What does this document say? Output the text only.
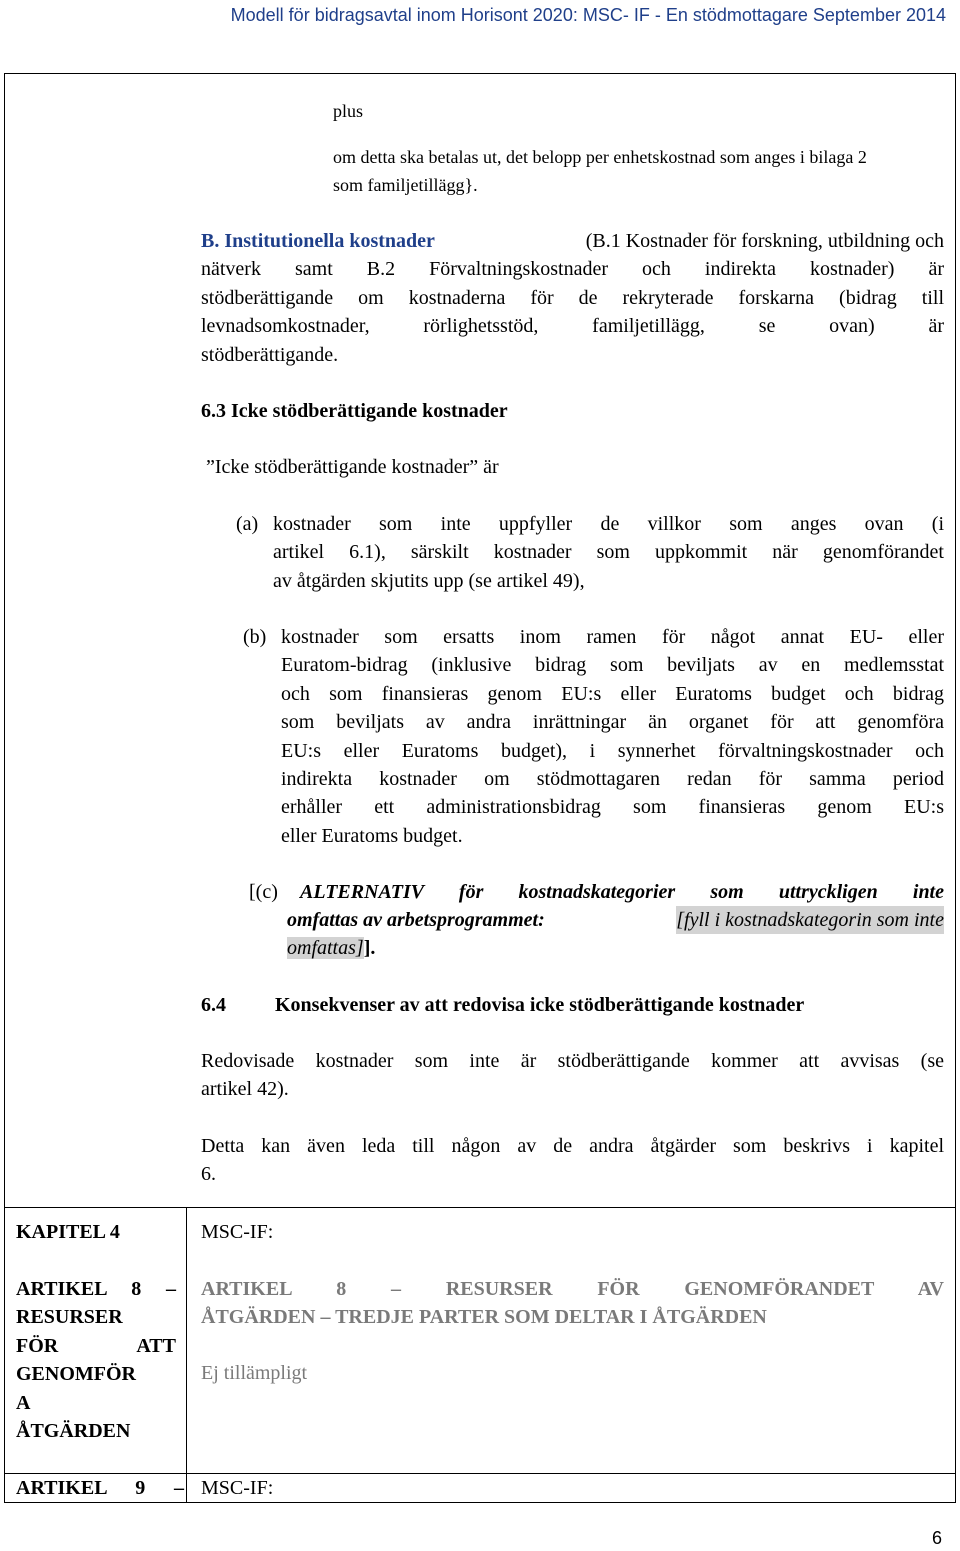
Modell för bidragsavtal inom Horisont 2020: MSC- IF - En stödmottagare September 2014
plus
om detta ska betalas ut, det belopp per enhetskostnad som anges i bilaga 2
som familjetillägg}.
B. Institutionella kostnader	(B.1 Kostnader för forskning, utbildning och
nätverk samt B.2 Förvaltningskostnader och indirekta kostnader) är
stödberättigande om kostnaderna för de rekryterade forskarna (bidrag till
levnadsomkostnader, rörlighetsstöd, familjetillägg, se ovan) är
stödberättigande.
6.3 Icke stödberättigande kostnader
”Icke stödberättigande kostnader” är
(a) kostnader som inte uppfyller de villkor som anges ovan (i
artikel 6.1), särskilt kostnader som uppkommit när genomförandet
av åtgärden skjutits upp (se artikel 49),
(b) kostnader som ersatts inom ramen för något annat EU- eller
Euratom-bidrag (inklusive bidrag som beviljats av en medlemsstat
och som finansieras genom EU:s eller Euratoms budget och bidrag
som beviljats av andra inrättningar än organet för att genomföra
EU:s eller Euratoms budget), i synnerhet förvaltningskostnader och
indirekta kostnader om stödmottagaren redan för samma period
erhåller ett administrationsbidrag som finansieras genom EU:s
eller Euratoms budget.
[(c) ALTERNATIV för kostnadskategorier som uttryckligen inte
omfattas av arbetsprogrammet:	[fyll i kostnadskategorin som inte
omfattas]].
6.4 Konsekvenser av att redovisa icke stödberättigande kostnader
Redovisade kostnader som inte är stödberättigande kommer att avvisas (se
artikel 42).
Detta kan även leda till någon av de andra åtgärder som beskrivs i kapitel
6.
KAPITEL 4
ARTIKEL 8 –
RESURSER
FÖR ATT
GENOMFÖR
A
ÅTGÄRDEN
ARTIKEL 9 –
MSC-IF:
ARTIKEL 8 – RESURSER FÖR GENOMFÖRANDET AV
ÅTGÄRDEN – TREDJE PARTER SOM DELTAR I ÅTGÄRDEN
Ej tillämpligt
MSC-IF:
6
